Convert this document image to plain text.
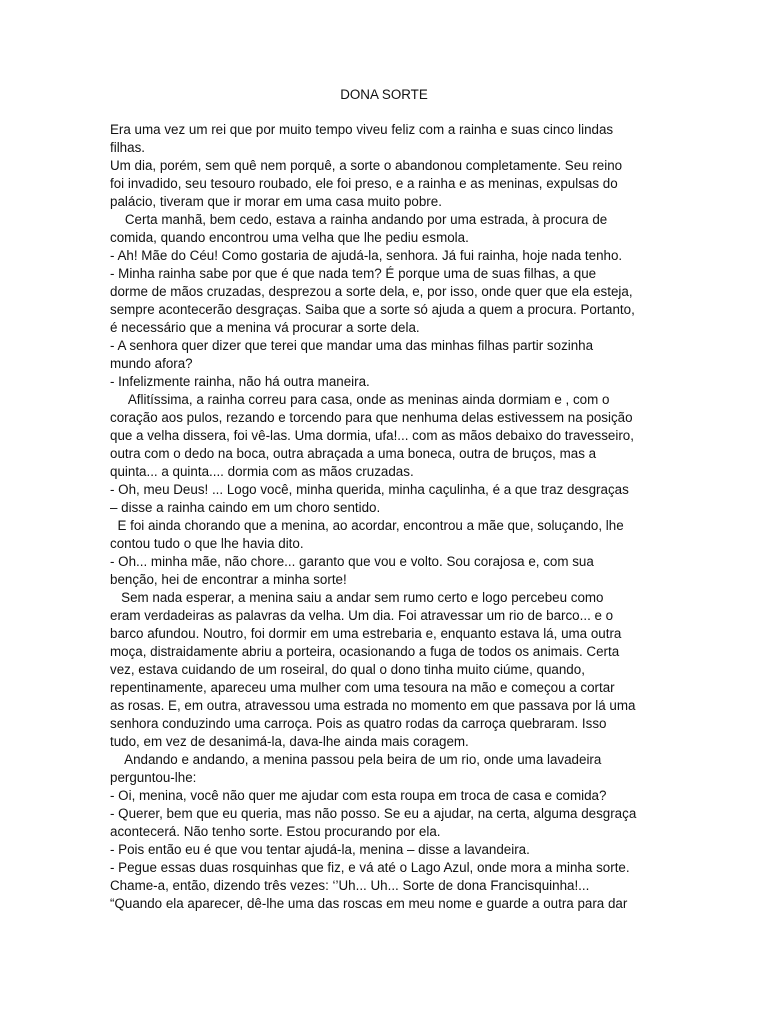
DONA SORTE
Era uma vez um rei que por muito tempo viveu feliz com a rainha e suas cinco lindas
filhas.
Um dia, porém, sem quê nem porquê, a sorte o abandonou completamente. Seu reino
foi invadido, seu tesouro roubado, ele foi preso, e a rainha e as meninas, expulsas do
palácio, tiveram que ir morar em uma casa muito pobre.
Certa manhã, bem cedo, estava a rainha andando por uma estrada, à procura de
comida, quando encontrou uma velha que lhe pediu esmola.
- Ah! Mãe do Céu! Como gostaria de ajudá-la, senhora. Já fui rainha, hoje nada tenho.
- Minha rainha sabe por que é que nada tem? É porque uma de suas filhas, a que
dorme de mãos cruzadas, desprezou a sorte dela, e, por isso, onde quer que ela esteja,
sempre acontecerão desgraças. Saiba que a sorte só ajuda a quem a procura. Portanto,
é necessário que a menina vá procurar a sorte dela.
- A senhora quer dizer que terei que mandar uma das minhas filhas partir sozinha
mundo afora?
- Infelizmente rainha, não há outra maneira.
Aflitíssima, a rainha correu para casa, onde as meninas ainda dormiam e , com o
coração aos pulos, rezando e torcendo para que nenhuma delas estivessem na posição
que a velha dissera, foi vê-las. Uma dormia, ufa!... com as mãos debaixo do travesseiro,
outra com o dedo na boca, outra abraçada a uma boneca, outra de bruços, mas a
quinta... a quinta.... dormia com as mãos cruzadas.
- Oh, meu Deus! ... Logo você, minha querida, minha caçulinha, é a que traz desgraças
– disse a rainha caindo em um choro sentido.
E foi ainda chorando que a menina, ao acordar, encontrou a mãe que, soluçando, lhe
contou tudo o que lhe havia dito.
- Oh... minha mãe, não chore... garanto que vou e volto. Sou corajosa e, com sua
benção, hei de encontrar a minha sorte!
Sem nada esperar, a menina saiu a andar sem rumo certo e logo percebeu como
eram verdadeiras as palavras da velha. Um dia. Foi atravessar um rio de barco... e o
barco afundou. Noutro, foi dormir em uma estrebaria e, enquanto estava lá, uma outra
moça, distraidamente abriu a porteira, ocasionando a fuga de todos os animais. Certa
vez, estava cuidando de um roseiral, do qual o dono tinha muito ciúme, quando,
repentinamente, apareceu uma mulher com uma tesoura na mão e começou a cortar
as rosas. E, em outra, atravessou uma estrada no momento em que passava por lá uma
senhora conduzindo uma carroça. Pois as quatro rodas da carroça quebraram. Isso
tudo, em vez de desanimá-la, dava-lhe ainda mais coragem.
Andando e andando, a menina passou pela beira de um rio, onde uma lavadeira
perguntou-lhe:
- Oi, menina, você não quer me ajudar com esta roupa em troca de casa e comida?
- Querer, bem que eu queria, mas não posso. Se eu a ajudar, na certa, alguma desgraça
acontecerá. Não tenho sorte. Estou procurando por ela.
- Pois então eu é que vou tentar ajudá-la, menina – disse a lavandeira.
- Pegue essas duas rosquinhas que fiz, e vá até o Lago Azul, onde mora a minha sorte.
Chame-a, então, dizendo três vezes: ‘’Uh... Uh... Sorte de dona Francisquinha!...
“Quando ela aparecer, dê-lhe uma das roscas em meu nome e guarde a outra para dar
